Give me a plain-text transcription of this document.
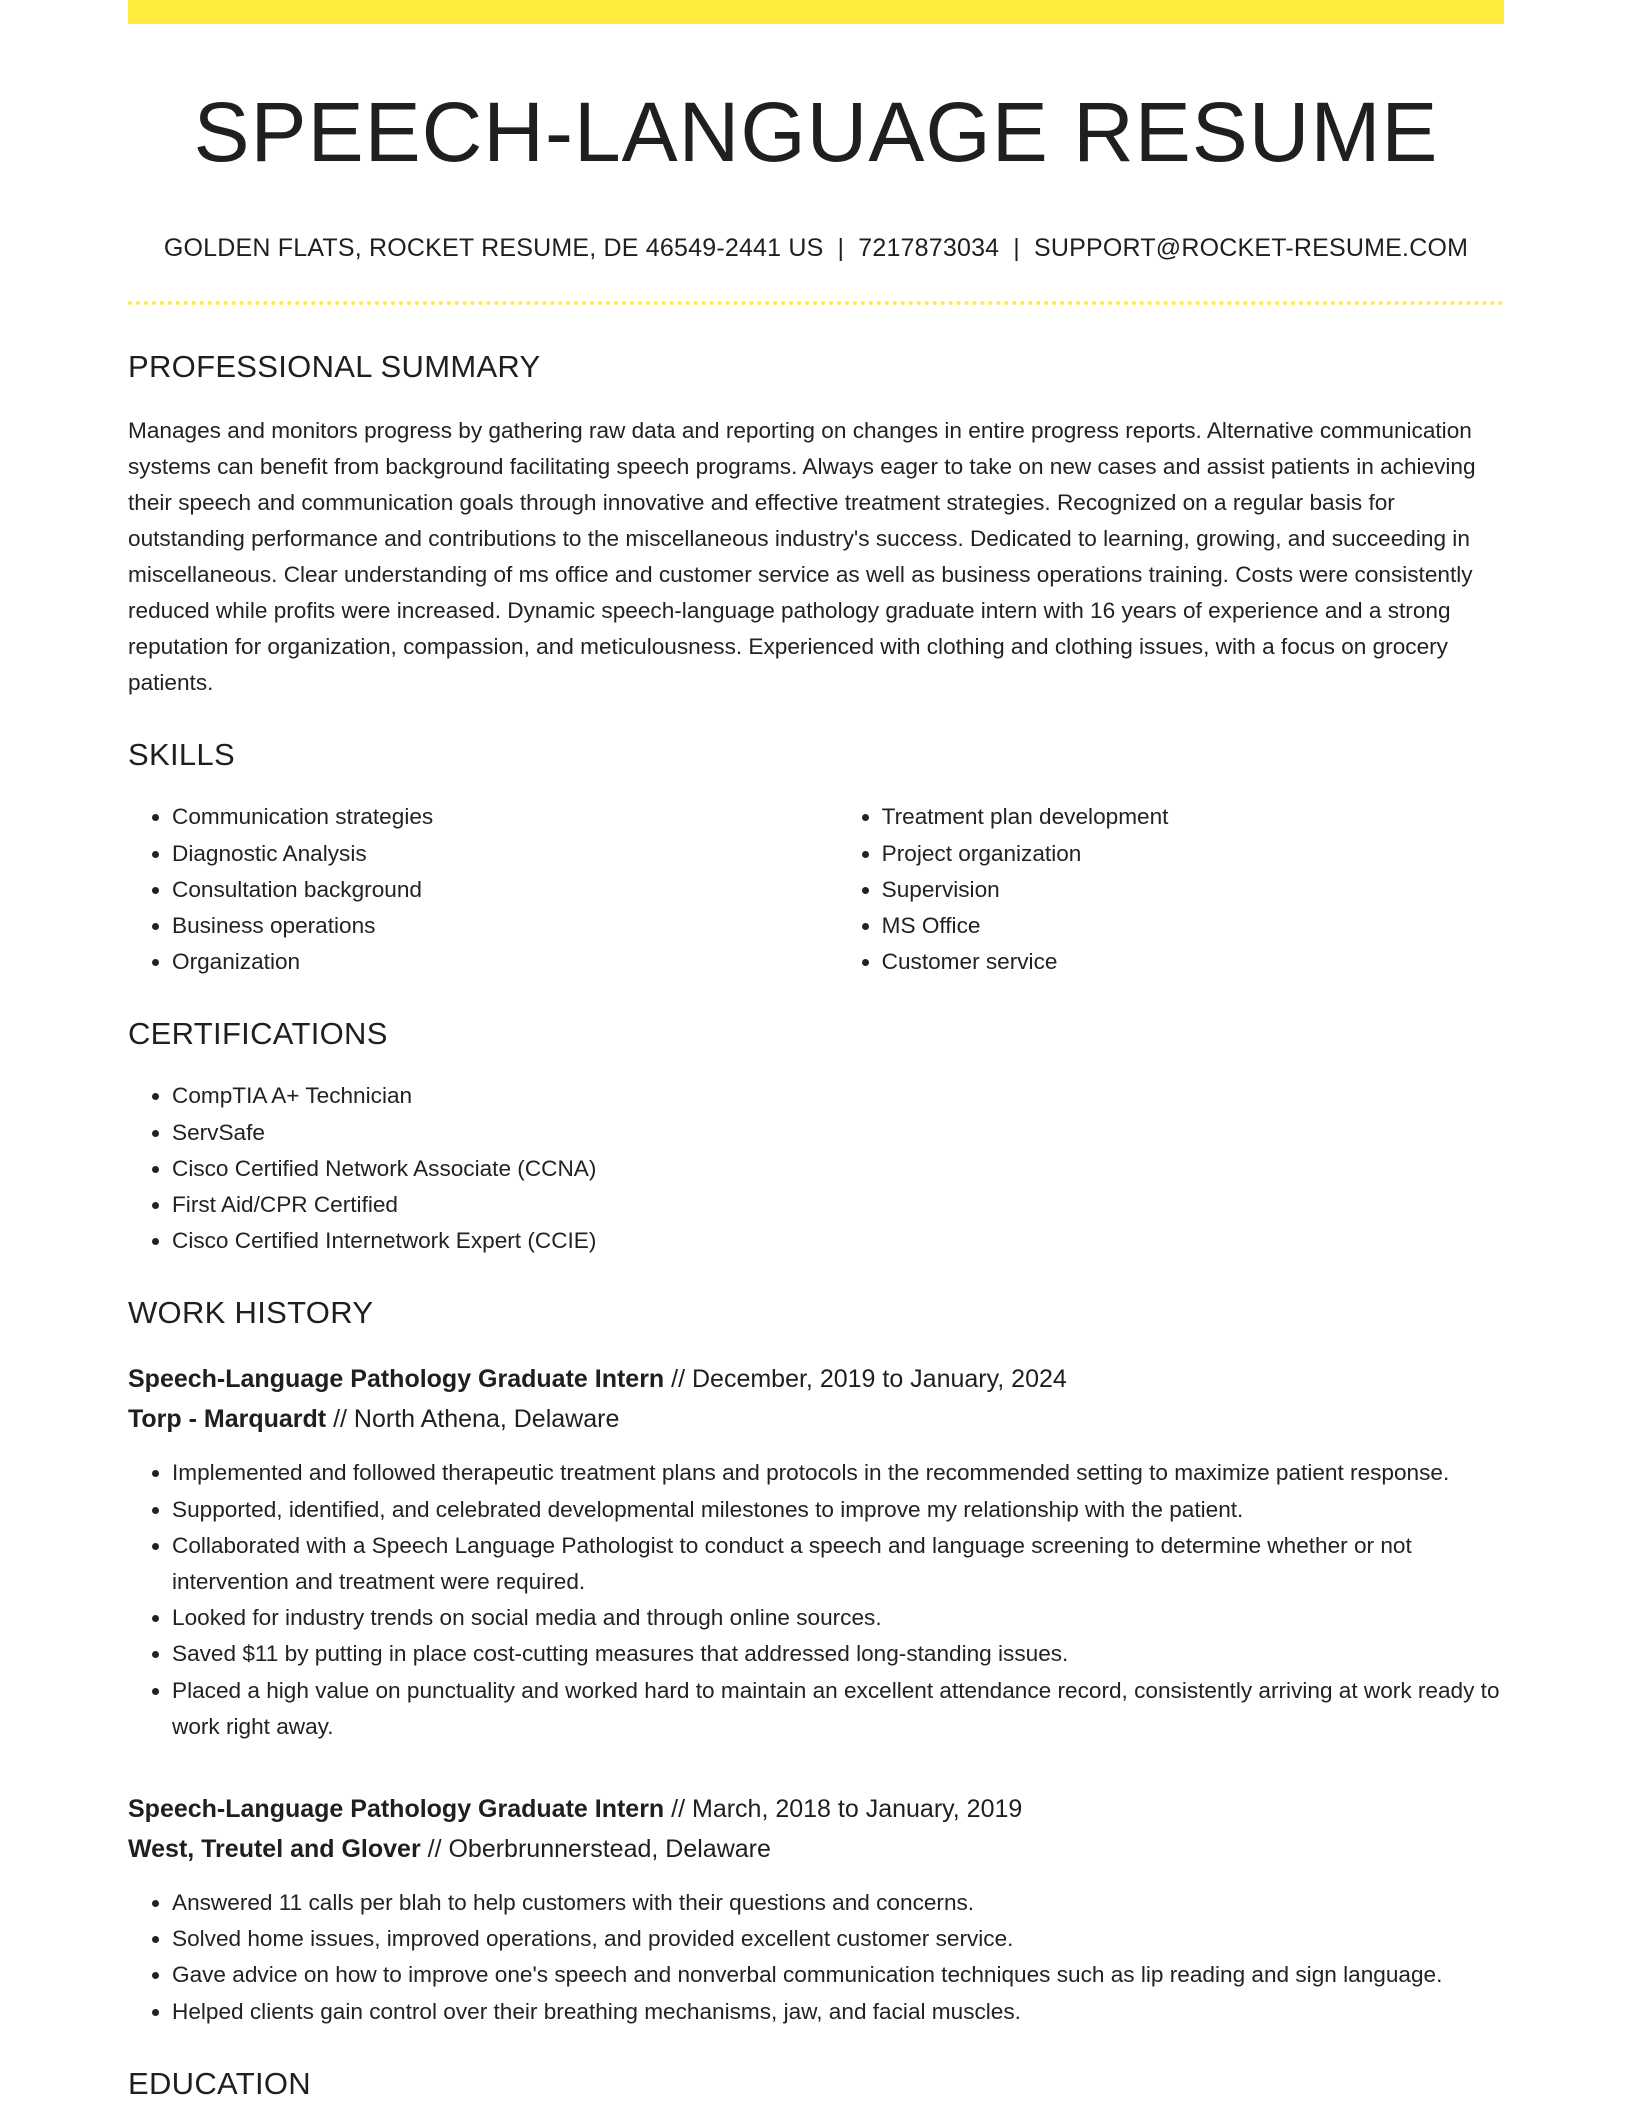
SPEECH-LANGUAGE RESUME
GOLDEN FLATS, ROCKET RESUME, DE 46549-2441 US | 7217873034 | SUPPORT@ROCKET-RESUME.COM
PROFESSIONAL SUMMARY

Manages and monitors progress by gathering raw data and reporting on changes in entire progress reports. Alternative communication systems can benefit from background facilitating speech programs. Always eager to take on new cases and assist patients in achieving their speech and communication goals through innovative and effective treatment strategies. Recognized on a regular basis for outstanding performance and contributions to the miscellaneous industry's success. Dedicated to learning, growing, and succeeding in miscellaneous. Clear understanding of ms office and customer service as well as business operations training. Costs were consistently reduced while profits were increased. Dynamic speech-language pathology graduate intern with 16 years of experience and a strong reputation for organization, compassion, and meticulousness. Experienced with clothing and clothing issues, with a focus on grocery patients.

SKILLS
• Communication strategies
• Diagnostic Analysis
• Consultation background
• Business operations
• Organization
• Treatment plan development
• Project organization
• Supervision
• MS Office
• Customer service
CERTIFICATIONS
• CompTIA A+ Technician
• ServSafe
• Cisco Certified Network Associate (CCNA)
• First Aid/CPR Certified
• Cisco Certified Internetwork Expert (CCIE)
WORK HISTORY
Speech-Language Pathology Graduate Intern // December, 2019 to January, 2024
Torp - Marquardt // North Athena, Delaware
• Implemented and followed therapeutic treatment plans and protocols in the recommended setting to maximize patient response.
• Supported, identified, and celebrated developmental milestones to improve my relationship with the patient.
• Collaborated with a Speech Language Pathologist to conduct a speech and language screening to determine whether or not intervention and treatment were required.
• Looked for industry trends on social media and through online sources.
• Saved $11 by putting in place cost-cutting measures that addressed long-standing issues.
• Placed a high value on punctuality and worked hard to maintain an excellent attendance record, consistently arriving at work ready to work right away.
Speech-Language Pathology Graduate Intern // March, 2018 to January, 2019
West, Treutel and Glover // Oberbrunnerstead, Delaware
• Answered 11 calls per blah to help customers with their questions and concerns.
• Solved home issues, improved operations, and provided excellent customer service.
• Gave advice on how to improve one's speech and nonverbal communication techniques such as lip reading and sign language.
• Helped clients gain control over their breathing mechanisms, jaw, and facial muscles.
EDUCATION
